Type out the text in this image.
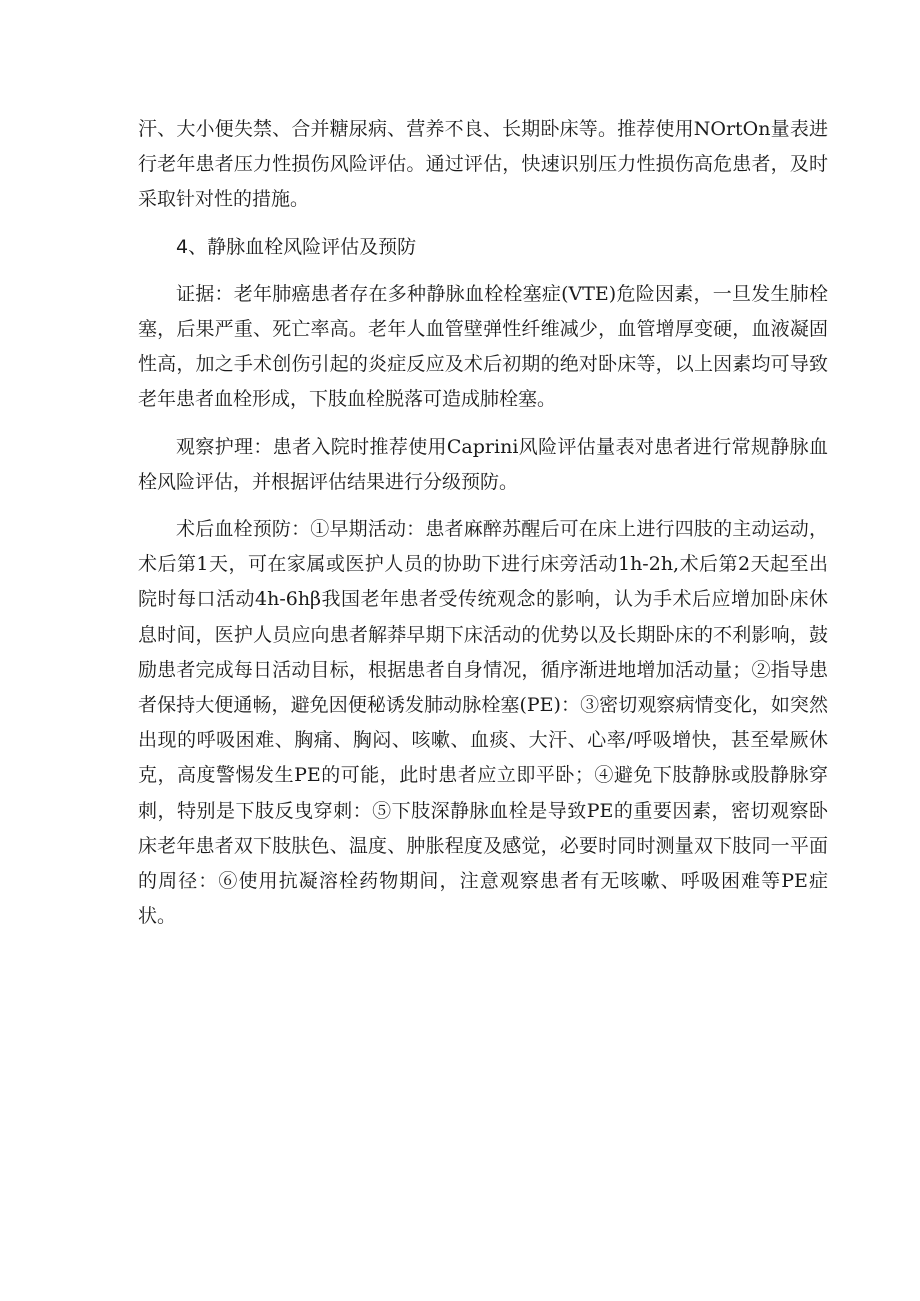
汗、大小便失禁、合并糖尿病、营养不良、长期卧床等。推荐使用NOrtOn量表进行老年患者压力性损伤风险评估。通过评估，快速识别压力性损伤高危患者，及时采取针对性的措施。

4、静脉血栓风险评估及预防

证据：老年肺癌患者存在多种静脉血栓栓塞症(VTE)危险因素，一旦发生肺栓塞，后果严重、死亡率高。老年人血管壁弹性纤维减少，血管增厚变硬，血液凝固性高，加之手术创伤引起的炎症反应及术后初期的绝对卧床等，以上因素均可导致老年患者血栓形成，下肢血栓脱落可造成肺栓塞。

观察护理：患者入院时推荐使用Caprini风险评估量表对患者进行常规静脉血栓风险评估，并根据评估结果进行分级预防。

术后血栓预防：①早期活动：患者麻醉苏醒后可在床上进行四肢的主动运动，术后第1天，可在家属或医护人员的协助下进行床旁活动1h-2h,术后第2天起至出院时每口活动4h-6hβ我国老年患者受传统观念的影响，认为手术后应增加卧床休息时间，医护人员应向患者解莽早期下床活动的优势以及长期卧床的不利影响，鼓励患者完成每日活动目标，根据患者自身情况，循序渐进地增加活动量；②指导患者保持大便通畅，避免因便秘诱发肺动脉栓塞(PE)：③密切观察病情变化，如突然出现的呼吸困难、胸痛、胸闷、咳嗽、血痰、大汗、心率/呼吸增快，甚至晕厥休克，高度警惕发生PE的可能，此时患者应立即平卧；④避免下肢静脉或股静脉穿刺，特别是下肢反曳穿刺：⑤下肢深静脉血栓是导致PE的重要因素，密切观察卧床老年患者双下肢肤色、温度、肿胀程度及感觉，必要时同时测量双下肢同一平面的周径：⑥使用抗凝溶栓药物期间，注意观察患者有无咳嗽、呼吸困难等PE症状。
